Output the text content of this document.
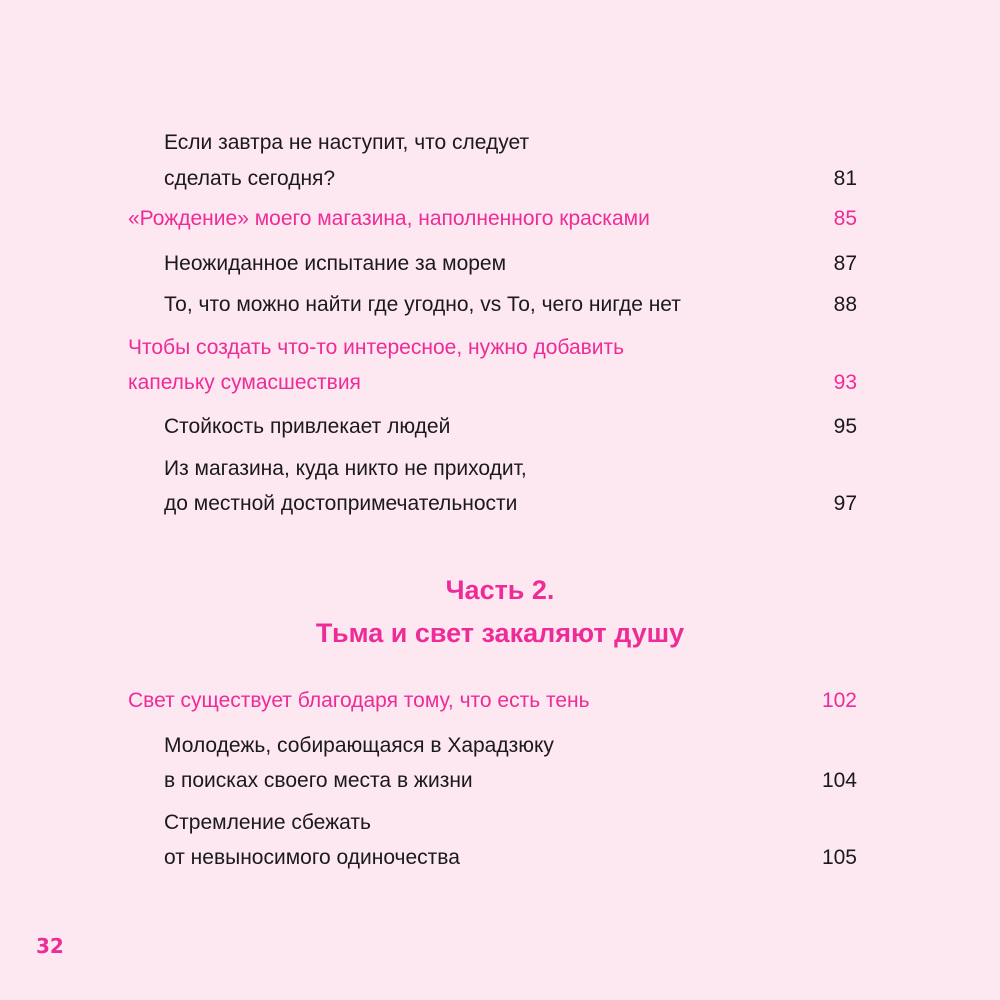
Если завтра не наступит, что следует
сделать сегодня?	81
«Рождение» моего магазина, наполненного красками	85
Неожиданное испытание за морем	87
То, что можно найти где угодно, vs То, чего нигде нет	88
Чтобы создать что-то интересное, нужно добавить
капельку сумасшествия	93
Стойкость привлекает людей	95
Из магазина, куда никто не приходит,
до местной достопримечательности	97
Часть 2.
Тьма и свет закаляют душу
Свет существует благодаря тому, что есть тень	102
Молодежь, собирающаяся в Харадзюку
в поисках своего места в жизни	104
Стремление сбежать
от невыносимого одиночества	105
32
